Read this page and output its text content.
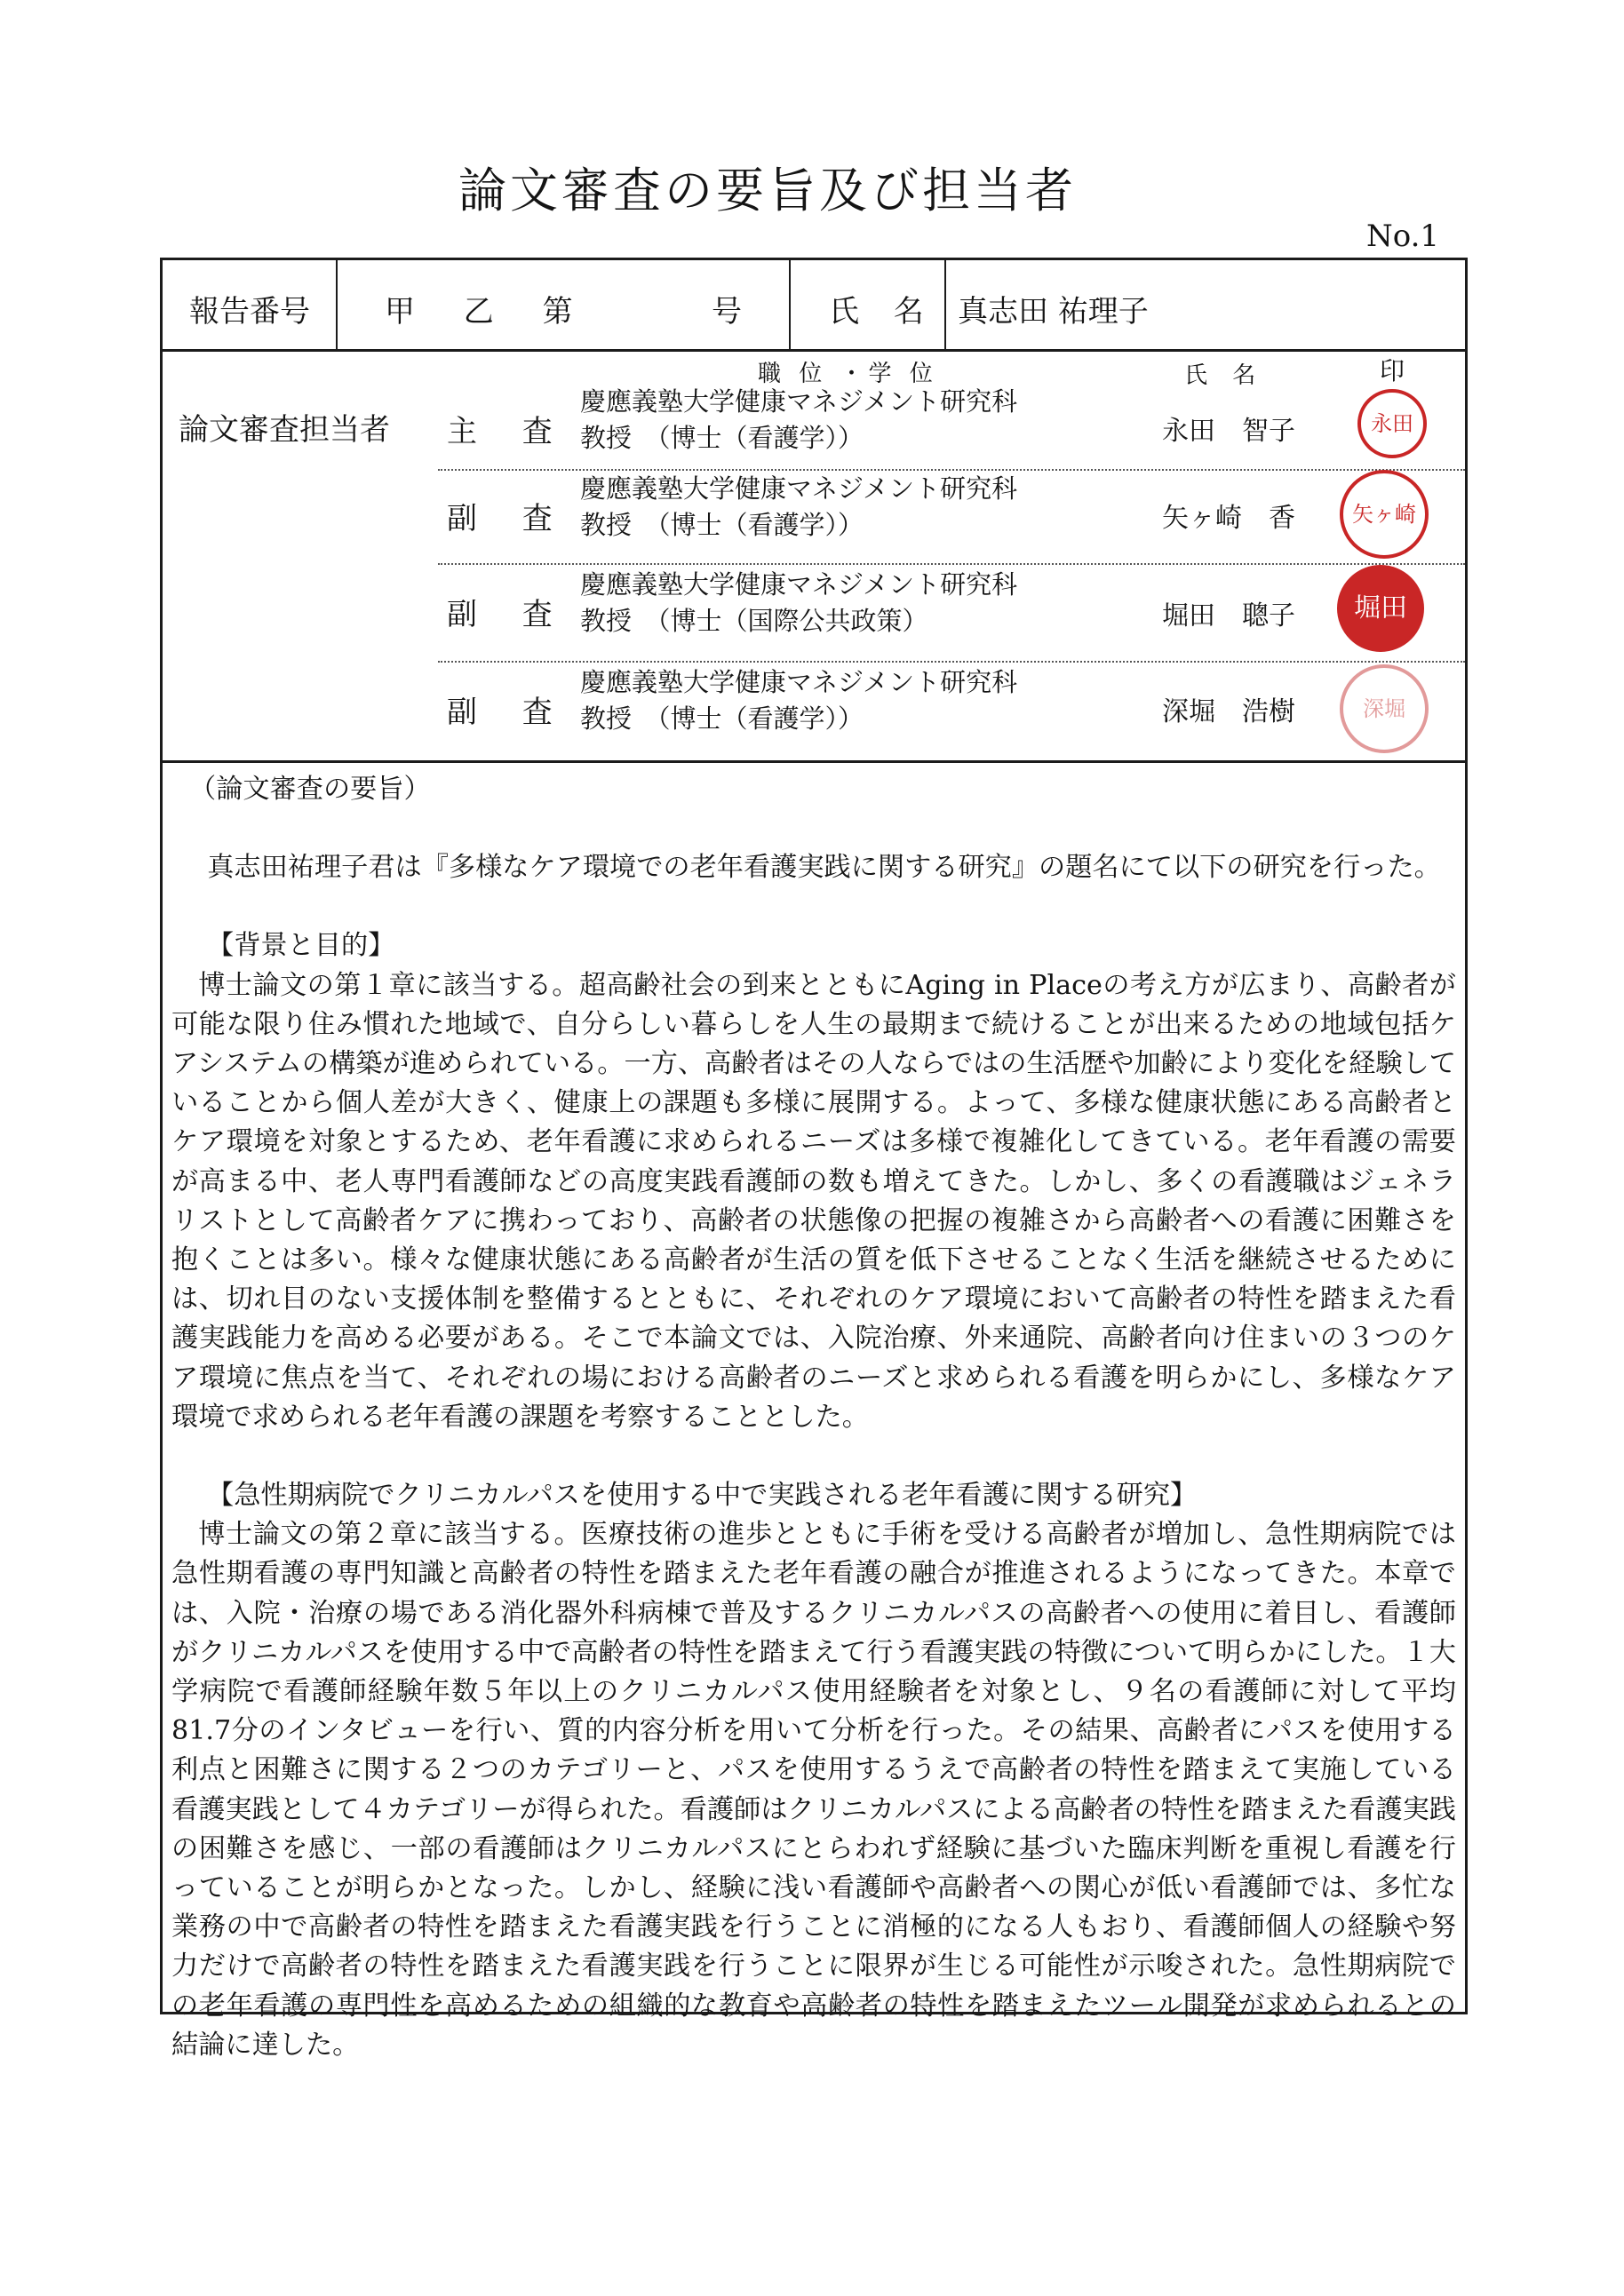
論文審査の要旨及び担当者
No.1
報告番号 甲 乙 第	号	氏 名 真志田 祐理子
論文審査担当者
職 位 ・学 位	氏 名	印
主 査
慶應義塾大学健康マネジメント研究科
教授　（博士（看護学））	永田　智子	永田
副 査
慶應義塾大学健康マネジメント研究科
教授　（博士（看護学））	矢ヶ崎　香	矢ヶ崎
副 査
慶應義塾大学健康マネジメント研究科
教授　（博士（国際公共政策）	堀田　聰子	堀田
副 査
慶應義塾大学健康マネジメント研究科
教授　（博士（看護学））	深堀　浩樹	深堀

（論文審査の要旨）

真志田祐理子君は『多様なケア環境での老年看護実践に関する研究』の題名にて以下の研究を行った。

【背景と目的】

博士論文の第１章に該当する。超高齢社会の到来とともにAging in Placeの考え方が広まり、高齢者が可能な限り住み慣れた地域で、自分らしい暮らしを人生の最期まで続けることが出来るための地域包括ケアシステムの構築が進められている。一方、高齢者はその人ならではの生活歴や加齢により変化を経験していることから個人差が大きく、健康上の課題も多様に展開する。よって、多様な健康状態にある高齢者とケア環境を対象とするため、老年看護に求められるニーズは多様で複雑化してきている。老年看護の需要が高まる中、老人専門看護師などの高度実践看護師の数も増えてきた。しかし、多くの看護職はジェネラリストとして高齢者ケアに携わっており、高齢者の状態像の把握の複雑さから高齢者への看護に困難さを抱くことは多い。様々な健康状態にある高齢者が生活の質を低下させることなく生活を継続させるためには、切れ目のない支援体制を整備するとともに、それぞれのケア環境において高齢者の特性を踏まえた看護実践能力を高める必要がある。そこで本論文では、入院治療、外来通院、高齢者向け住まいの３つのケア環境に焦点を当て、それぞれの場における高齢者のニーズと求められる看護を明らかにし、多様なケア環境で求められる老年看護の課題を考察することとした。

【急性期病院でクリニカルパスを使用する中で実践される老年看護に関する研究】

博士論文の第２章に該当する。医療技術の進歩とともに手術を受ける高齢者が増加し、急性期病院では急性期看護の専門知識と高齢者の特性を踏まえた老年看護の融合が推進されるようになってきた。本章では、入院・治療の場である消化器外科病棟で普及するクリニカルパスの高齢者への使用に着目し、看護師がクリニカルパスを使用する中で高齢者の特性を踏まえて行う看護実践の特徴について明らかにした。１大学病院で看護師経験年数５年以上のクリニカルパス使用経験者を対象とし、９名の看護師に対して平均81.7分のインタビューを行い、質的内容分析を用いて分析を行った。その結果、高齢者にパスを使用する利点と困難さに関する２つのカテゴリーと、パスを使用するうえで高齢者の特性を踏まえて実施している看護実践として４カテゴリーが得られた。看護師はクリニカルパスによる高齢者の特性を踏まえた看護実践の困難さを感じ、一部の看護師はクリニカルパスにとらわれず経験に基づいた臨床判断を重視し看護を行っていることが明らかとなった。しかし、経験に浅い看護師や高齢者への関心が低い看護師では、多忙な業務の中で高齢者の特性を踏まえた看護実践を行うことに消極的になる人もおり、看護師個人の経験や努力だけで高齢者の特性を踏まえた看護実践を行うことに限界が生じる可能性が示唆された。急性期病院での老年看護の専門性を高めるための組織的な教育や高齢者の特性を踏まえたツール開発が求められるとの結論に達した。
